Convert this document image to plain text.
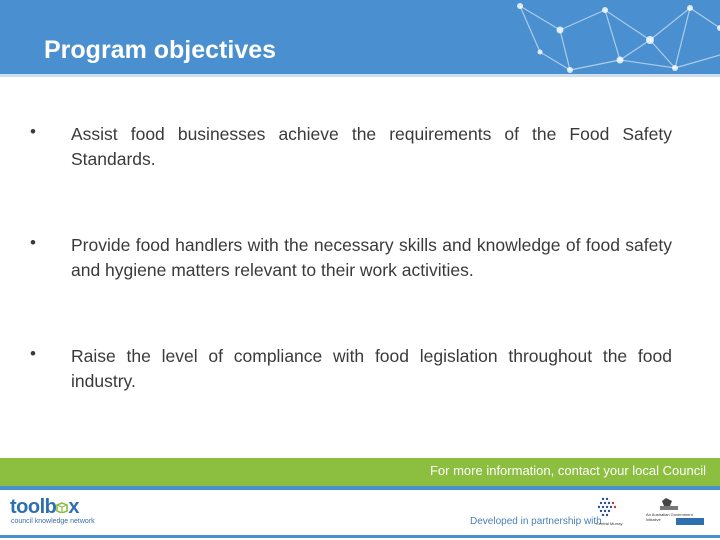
Program objectives
• Assist food businesses achieve the requirements of the Food Safety Standards.
• Provide food handlers with the necessary skills and knowledge of food safety and hygiene matters relevant to their work activities.
• Raise the level of compliance with food legislation throughout the food industry.
For more information, contact your local Council
toolb x
council knowledge network	Developed in partnership with
Central Murray
An Australian Government Initiative
